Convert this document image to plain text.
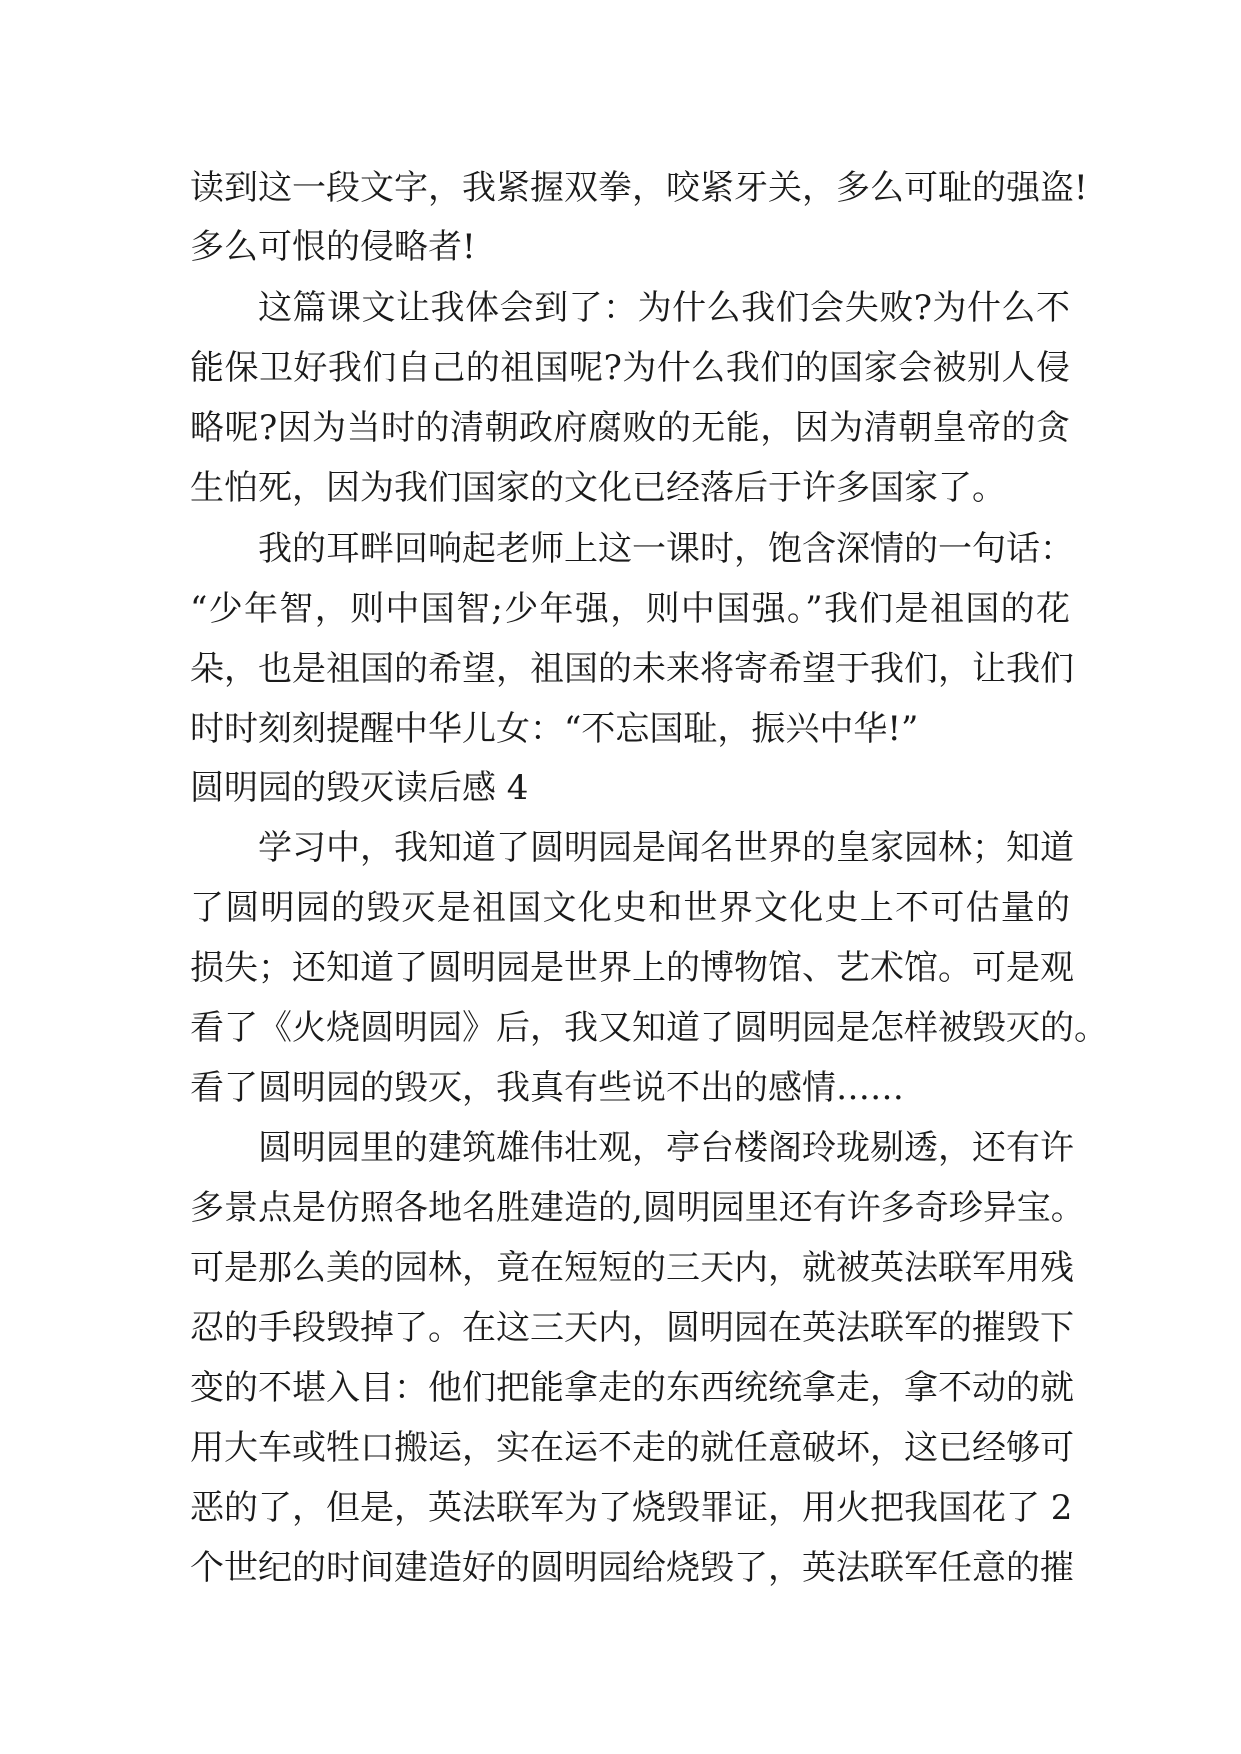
读到这一段文字，我紧握双拳，咬紧牙关，多么可耻的强盗!
多么可恨的侵略者!
这篇课文让我体会到了：为什么我们会失败?为什么不
能保卫好我们自己的祖国呢?为什么我们的国家会被别人侵
略呢?因为当时的清朝政府腐败的无能，因为清朝皇帝的贪
生怕死，因为我们国家的文化已经落后于许多国家了。
我的耳畔回响起老师上这一课时，饱含深情的一句话：
“少年智，则中国智;少年强，则中国强。”我们是祖国的花
朵，也是祖国的希望，祖国的未来将寄希望于我们，让我们
时时刻刻提醒中华儿女：“不忘国耻，振兴中华!”
圆明园的毁灭读后感 4
学习中，我知道了圆明园是闻名世界的皇家园林；知道
了圆明园的毁灭是祖国文化史和世界文化史上不可估量的
损失；还知道了圆明园是世界上的博物馆、艺术馆。可是观
看了《火烧圆明园》后，我又知道了圆明园是怎样被毁灭的。
看了圆明园的毁灭，我真有些说不出的感情……
圆明园里的建筑雄伟壮观，亭台楼阁玲珑剔透，还有许
多景点是仿照各地名胜建造的,圆明园里还有许多奇珍异宝。
可是那么美的园林，竟在短短的三天内，就被英法联军用残
忍的手段毁掉了。在这三天内，圆明园在英法联军的摧毁下
变的不堪入目：他们把能拿走的东西统统拿走，拿不动的就
用大车或牲口搬运，实在运不走的就任意破坏，这已经够可
恶的了，但是，英法联军为了烧毁罪证，用火把我国花了 2
个世纪的时间建造好的圆明园给烧毁了，英法联军任意的摧
